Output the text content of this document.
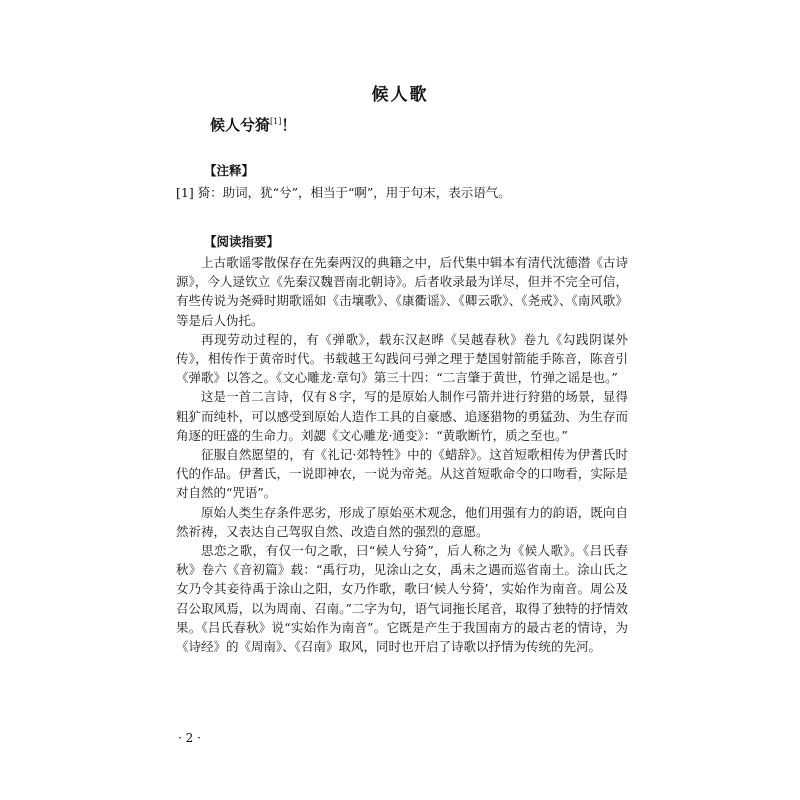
候人歌
候人兮猗[1]！
【注释】
[1] 猗：助词，犹“兮”，相当于“啊”，用于句末，表示语气。
【阅读指要】

上古歌谣零散保存在先秦两汉的典籍之中，后代集中辑本有清代沈德潜《古诗源》，今人逯钦立《先秦汉魏晋南北朝诗》。后者收录最为详尽，但并不完全可信，有些传说为尧舜时期歌谣如《击壤歌》、《康衢谣》、《卿云歌》、《尧戒》、《南风歌》等是后人伪托。

再现劳动过程的，有《弹歌》，载东汉赵晔《吴越春秋》卷九《勾践阴谋外传》，相传作于黄帝时代。书载越王勾践问弓弹之理于楚国射箭能手陈音，陈音引《弹歌》以答之。《文心雕龙·章句》第三十四：“二言肇于黄世，竹弹之谣是也。”

这是一首二言诗，仅有８字，写的是原始人制作弓箭并进行狩猎的场景，显得粗犷而纯朴，可以感受到原始人造作工具的自豪感、追逐猎物的勇猛劲、为生存而角逐的旺盛的生命力。刘勰《文心雕龙·通变》：“黄歌断竹，质之至也。”

征服自然愿望的，有《礼记·郊特牲》中的《蜡辞》。这首短歌相传为伊耆氏时代的作品。伊耆氏，一说即神农，一说为帝尧。从这首短歌命令的口吻看，实际是对自然的“咒语”。

原始人类生存条件恶劣，形成了原始巫术观念，他们用强有力的韵语，既向自然祈祷，又表达自己驾驭自然、改造自然的强烈的意愿。

思恋之歌，有仅一句之歌，曰“候人兮猗”，后人称之为《候人歌》。《吕氏春秋》卷六《音初篇》载：“禹行功，见涂山之女，禹未之遇而巡省南土。涂山氏之女乃令其妾待禹于涂山之阳，女乃作歌，歌曰‘候人兮猗’，实始作为南音。周公及召公取风焉，以为周南、召南。”二字为句，语气词拖长尾音，取得了独特的抒情效果。《吕氏春秋》说“实始作为南音”。它既是产生于我国南方的最古老的情诗，为《诗经》的《周南》、《召南》取风，同时也开启了诗歌以抒情为传统的先河。

· 2 ·
